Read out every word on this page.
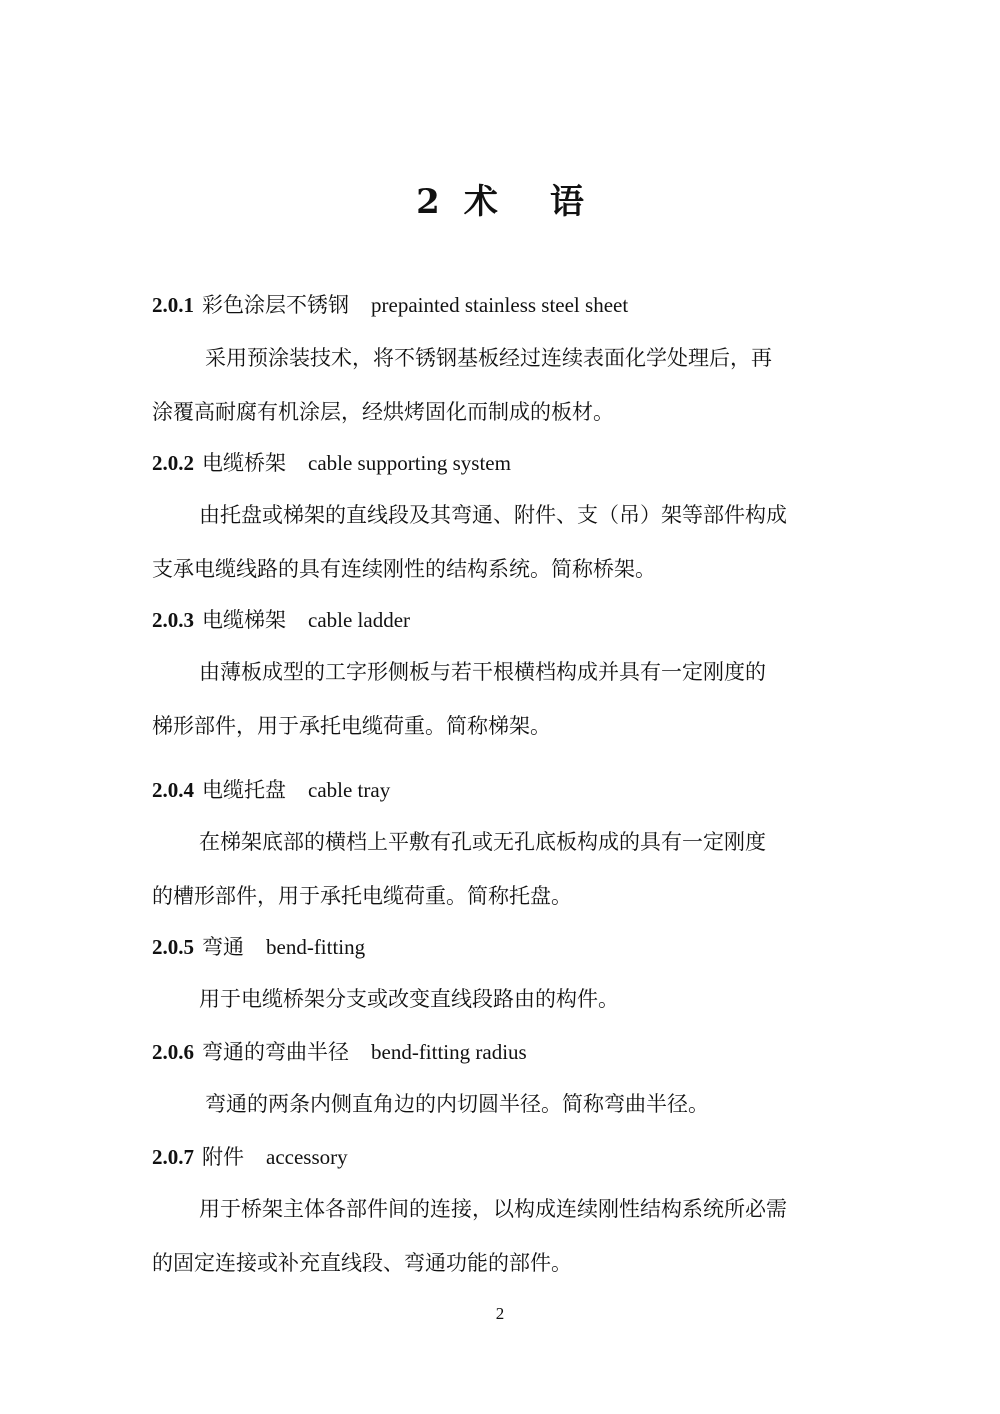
2 术 语
2.0.1 彩色涂层不锈钢 prepainted stainless steel sheet
采用预涂装技术，将不锈钢基板经过连续表面化学处理后，再
涂覆高耐腐有机涂层，经烘烤固化而制成的板材。
2.0.2 电缆桥架 cable supporting system
由托盘或梯架的直线段及其弯通、附件、支（吊）架等部件构成
支承电缆线路的具有连续刚性的结构系统。简称桥架。
2.0.3 电缆梯架 cable ladder
由薄板成型的工字形侧板与若干根横档构成并具有一定刚度的
梯形部件，用于承托电缆荷重。简称梯架。
2.0.4 电缆托盘 cable tray
在梯架底部的横档上平敷有孔或无孔底板构成的具有一定刚度
的槽形部件，用于承托电缆荷重。简称托盘。
2.0.5 弯通 bend-fitting
用于电缆桥架分支或改变直线段路由的构件。
2.0.6 弯通的弯曲半径 bend-fitting radius
弯通的两条内侧直角边的内切圆半径。简称弯曲半径。
2.0.7 附件 accessory
用于桥架主体各部件间的连接，以构成连续刚性结构系统所必需
的固定连接或补充直线段、弯通功能的部件。
2
